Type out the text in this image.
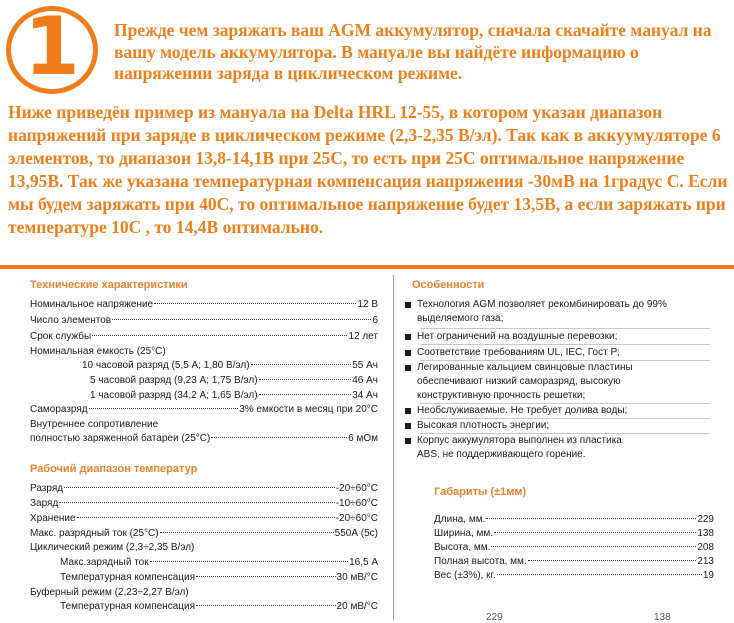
1	Прежде чем заряжать ваш AGM аккумулятор, сначала скачайте мануал на вашу модель аккумулятора. В мануале вы найдёте информацию о напряжении заряда в циклическом режиме.
Ниже приведён пример из мануала на Delta HRL 12-55, в котором указан диапазон напряжений при заряде в циклическом режиме (2,3-2,35 В/эл). Так как в аккуумуляторе 6 элементов, то диапазон 13,8-14,1В при 25С, то есть при 25С оптимальное напряжение 13,95В. Так же указана температурная компенсация напряжения -30мВ на 1градус С. Если мы будем заряжать при 40С, то оптимальное напряжение будет 13,5В, а если заряжать при температуре 10С , то 14,4В оптимально.
Технические характеристики
Номинальное напряжение	12 В
Число элементов	6
Срок службы	12 лет
Номинальная емкость (25°С)
10 часовой разряд (5,5 А; 1,80 В/эл)	55 Ач
5 часовой разряд (9,23 А; 1,75 В/эл)	46 Ач
1 часовой разряд (34,2 А; 1,65 В/эл)	34 Ач
Саморазряд	3% емкости в месяц при 20°С
Внутреннее сопротивление
полностью заряженной батареи (25°С)	6 мОм
Рабочий диапазон температур
Разряд	-20÷60°С
Заряд	-10÷60°С
Хранение	-20÷60°С
Макс. разрядный ток (25°С)	550А (5с)
Циклический режим (2,3÷2,35 В/эл)
Макс.зарядный ток	16,5 А
Температурная компенсация	30 мВ/°С
Буферный режим (2,23÷2,27 В/эл)
Температурная компенсация	20 мВ/°С
Особенности
Технология AGM позволяет рекомбинировать до 99% выделяемого газа;
Нет ограничений на воздушные перевозки;
Соответствие требованиям UL, IEC, Гост Р;
Легированные кальцием свинцовые пластины обеспечивают низкий саморазряд, высокую конструктивную прочность решетки;
Необслуживаемые. Не требует долива воды;
Высокая плотность энергии;
Корпус аккумулятора выполнен из пластика ABS, не поддерживающего горение.
Габариты (±1мм)
Длина, мм.	229
Ширина, мм.	138
Высота, мм.	208
Полная высота, мм.	213
Вес (±3%), кг.	19
229	138
